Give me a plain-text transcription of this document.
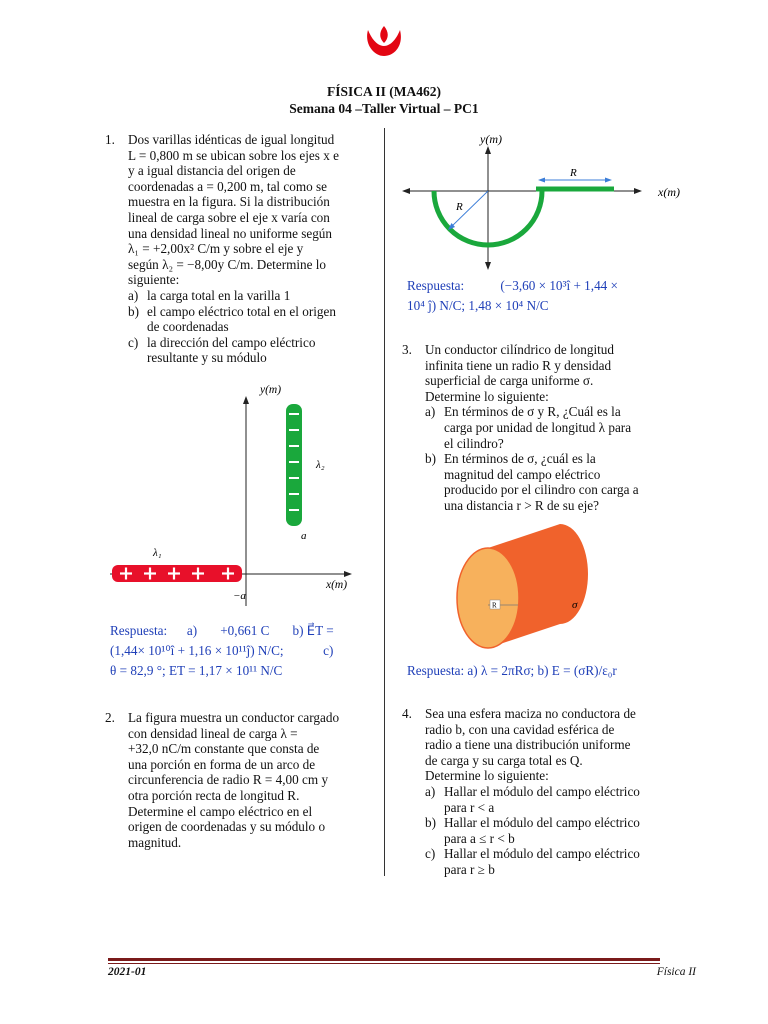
FÍSICA II (MA462)
Semana 04 –Taller Virtual – PC1
1. Dos varillas idénticas de igual longitud
L = 0,800 m se ubican sobre los ejes x e
y a igual distancia del origen de
coordenadas a = 0,200 m, tal como se
muestra en la figura. Si la distribución
lineal de carga sobre el eje x varía con
una densidad lineal no uniforme según
λ₁ = +2,00x² C/m y sobre el eje y
según λ₂ = −8,00y C/m. Determine lo
siguiente:
a) la carga total en la varilla 1
b) el campo eléctrico total en el origen
de coordenadas
c) la dirección del campo eléctrico
resultante y su módulo
y(m)
x(m)
λ₂
a
λ₁
−a
Respuesta:      a)       +0,661 C       b) E⃗T =
(1,44× 10¹⁰î + 1,16 × 10¹¹ĵ) N/C;            c)
θ = 82,9 °; ET = 1,17 × 10¹¹ N/C
2. La figura muestra un conductor cargado
con densidad lineal de carga λ =
+32,0 nC/m constante que consta de
una porción en forma de un arco de
circunferencia de radio R = 4,00 cm y
otra porción recta de longitud R.
Determine el campo eléctrico en el
origen de coordenadas y su módulo o
magnitud.
y(m)
x(m)
R
R
Respuesta:           (−3,60 × 10³î + 1,44 ×
10⁴ ĵ) N/C; 1,48 × 10⁴ N/C
3. Un conductor cilíndrico de longitud
infinita tiene un radio R y densidad
superficial de carga uniforme σ.
Determine lo siguiente:
a) En términos de σ y R, ¿Cuál es la
carga por unidad de longitud λ para
el cilindro?
b) En términos de σ, ¿cuál es la
magnitud del campo eléctrico
producido por el cilindro con carga a
una distancia r > R de su eje?
R	σ
Respuesta: a) λ = 2πRσ; b) E = (σR)/ε₀r
4. Sea una esfera maciza no conductora de
radio b, con una cavidad esférica de
radio a tiene una distribución uniforme
de carga y su carga total es Q.
Determine lo siguiente:
a) Hallar el módulo del campo eléctrico
para r < a
b) Hallar el módulo del campo eléctrico
para a ≤ r < b
c) Hallar el módulo del campo eléctrico
para r ≥ b
2021-01	Física II
